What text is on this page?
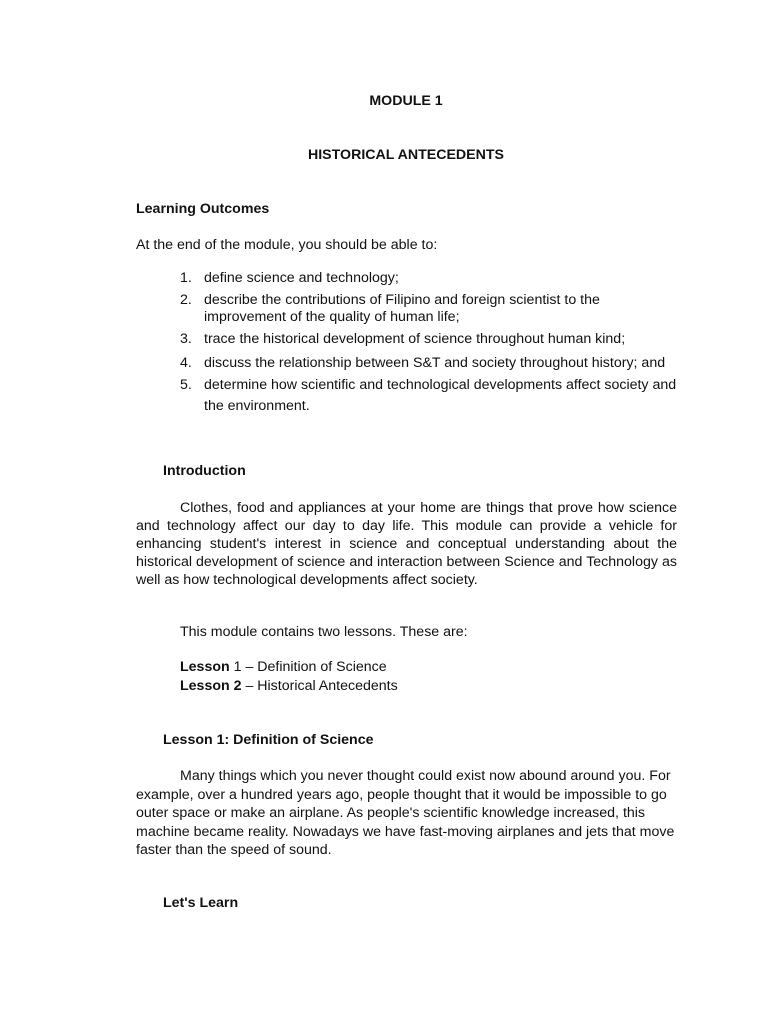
MODULE 1

HISTORICAL ANTECEDENTS

Learning Outcomes

At the end of the module, you should be able to:

1. define science and technology;
2. describe the contributions of Filipino and foreign scientist to the improvement of the quality of human life;
3. trace the historical development of science throughout human kind;
4. discuss the relationship between S&T and society throughout history; and
5. determine how scientific and technological developments affect society and the environment.

Introduction

Clothes, food and appliances at your home are things that prove how science and technology affect our day to day life. This module can provide a vehicle for enhancing student's interest in science and conceptual understanding about the historical development of science and interaction between Science and Technology as well as how technological developments affect society.

This module contains two lessons. These are:

Lesson 1 – Definition of Science

Lesson 2 – Historical Antecedents

Lesson 1: Definition of Science

Many things which you never thought could exist now abound around you. For example, over a hundred years ago, people thought that it would be impossible to go outer space or make an airplane. As people's scientific knowledge increased, this machine became reality. Nowadays we have fast-moving airplanes and jets that move faster than the speed of sound.

Let's Learn
